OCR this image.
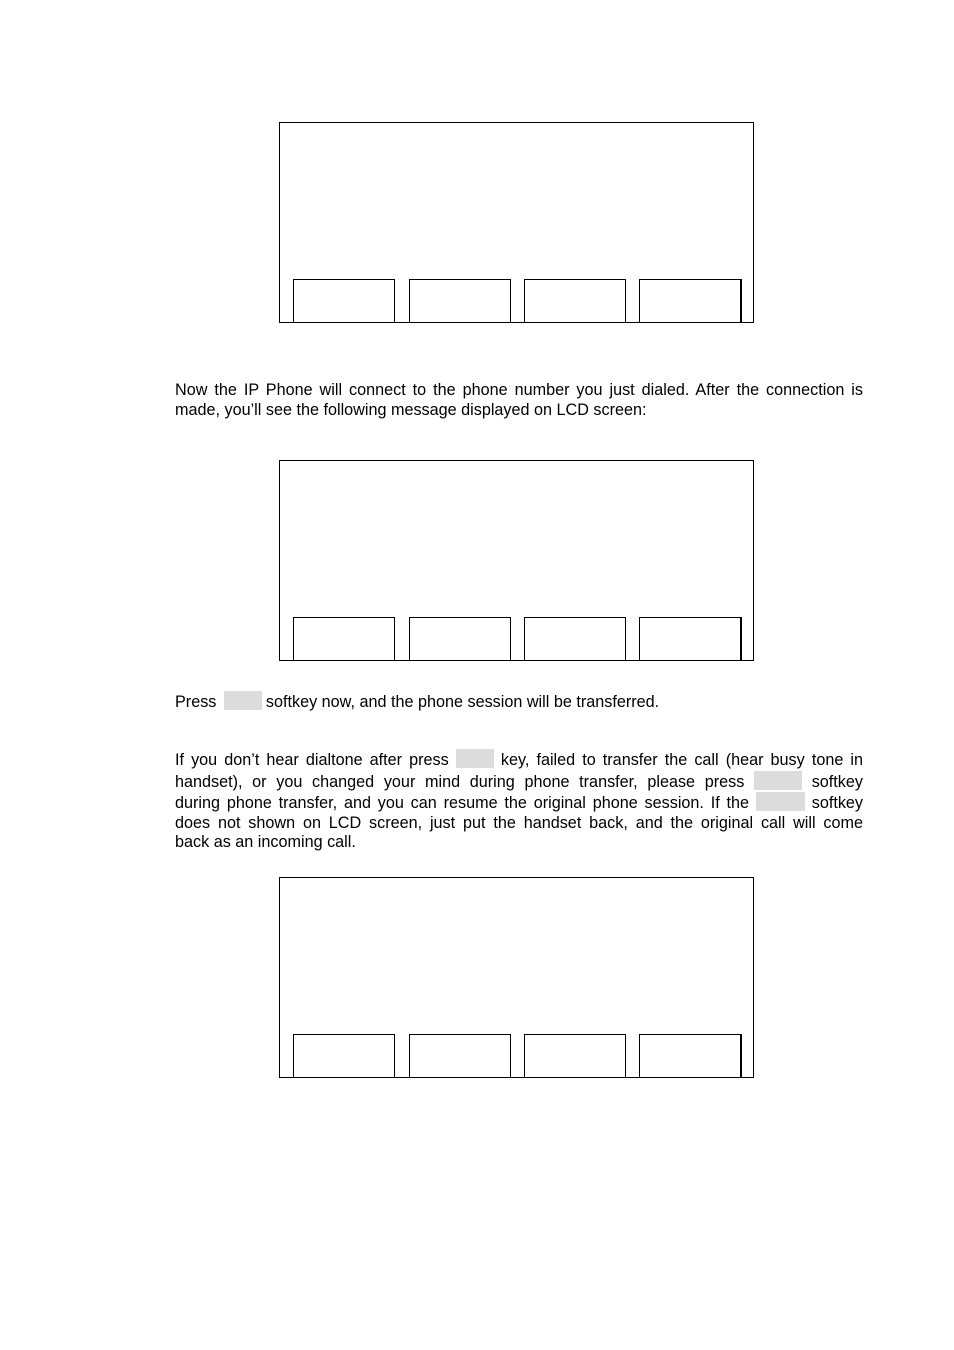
Now the IP Phone will connect to the phone number you just dialed. After the connection is
made, you’ll see the following message displayed on LCD screen:
Press	softkey now, and the phone session will be transferred.
If you don’t hear dialtone after press	key, failed to transfer the call (hear busy tone in
handset), or you changed your mind during phone transfer, please press	softkey
during phone transfer, and you can resume the original phone session. If the	softkey
does not shown on LCD screen, just put the handset back, and the original call will come
back as an incoming call.
